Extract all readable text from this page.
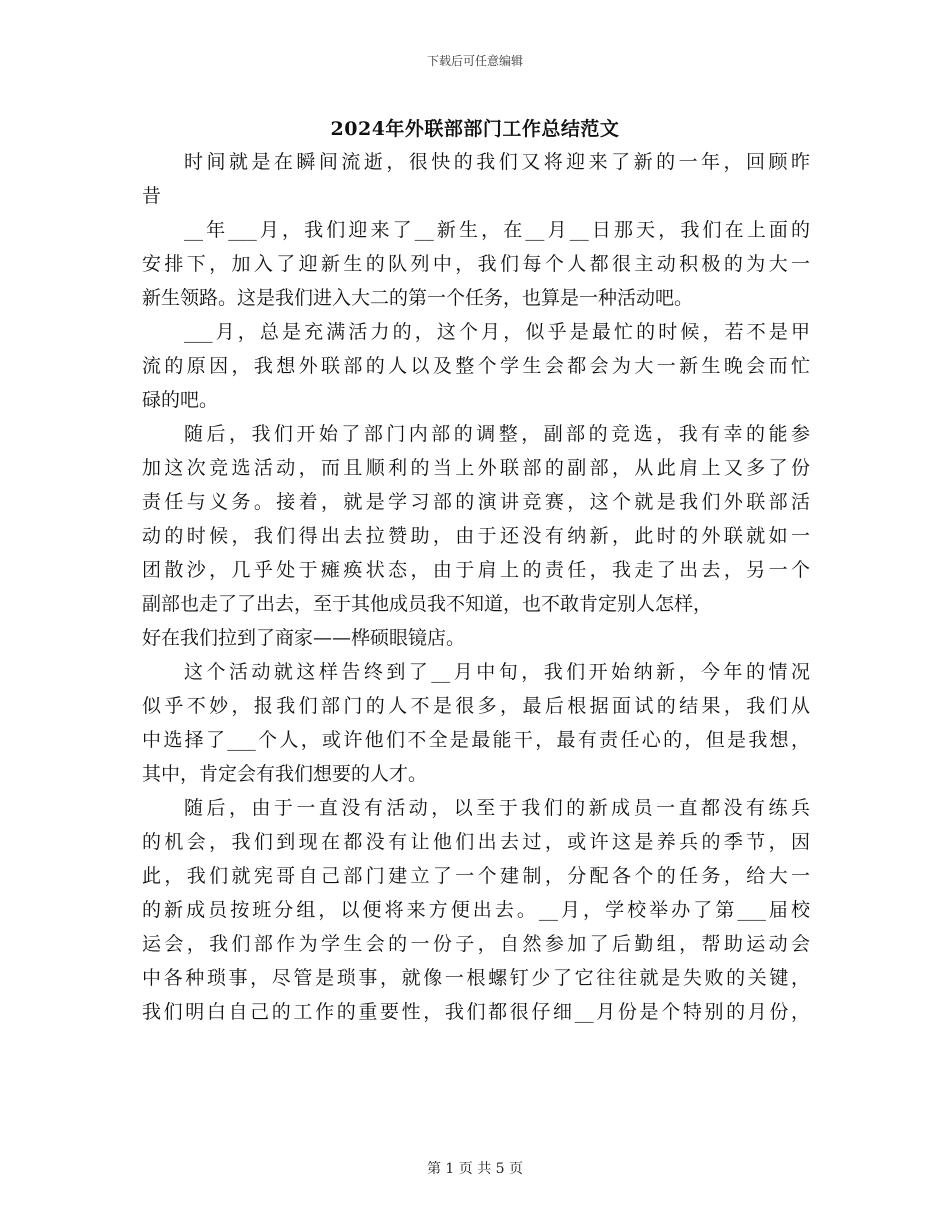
下载后可任意编辑
2024年外联部部门工作总结范文
时间就是在瞬间流逝，很快的我们又将迎来了新的一年，回顾昨
昔
__年___月，我们迎来了__新生，在__月__日那天，我们在上面的
安排下，加入了迎新生的队列中，我们每个人都很主动积极的为大一
新生领路。这是我们进入大二的第一个任务，也算是一种活动吧。
___月，总是充满活力的，这个月，似乎是最忙的时候，若不是甲
流的原因，我想外联部的人以及整个学生会都会为大一新生晚会而忙
碌的吧。
随后，我们开始了部门内部的调整，副部的竞选，我有幸的能参
加这次竞选活动，而且顺利的当上外联部的副部，从此肩上又多了份
责任与义务。接着，就是学习部的演讲竞赛，这个就是我们外联部活
动的时候，我们得出去拉赞助，由于还没有纳新，此时的外联就如一
团散沙，几乎处于瘫痪状态，由于肩上的责任，我走了出去，另一个
副部也走了了出去，至于其他成员我不知道，也不敢肯定别人怎样，
好在我们拉到了商家——桦硕眼镜店。
这个活动就这样告终到了__月中旬，我们开始纳新，今年的情况
似乎不妙，报我们部门的人不是很多，最后根据面试的结果，我们从
中选择了___个人，或许他们不全是最能干，最有责任心的，但是我想，
其中，肯定会有我们想要的人才。
随后，由于一直没有活动，以至于我们的新成员一直都没有练兵
的机会，我们到现在都没有让他们出去过，或许这是养兵的季节，因
此，我们就宪哥自己部门建立了一个建制，分配各个的任务，给大一
的新成员按班分组，以便将来方便出去。__月，学校举办了第___届校
运会，我们部作为学生会的一份子，自然参加了后勤组，帮助运动会
中各种琐事，尽管是琐事，就像一根螺钉少了它往往就是失败的关键，
我们明白自己的工作的重要性，我们都很仔细__月份是个特别的月份，
第 1 页 共 5 页
